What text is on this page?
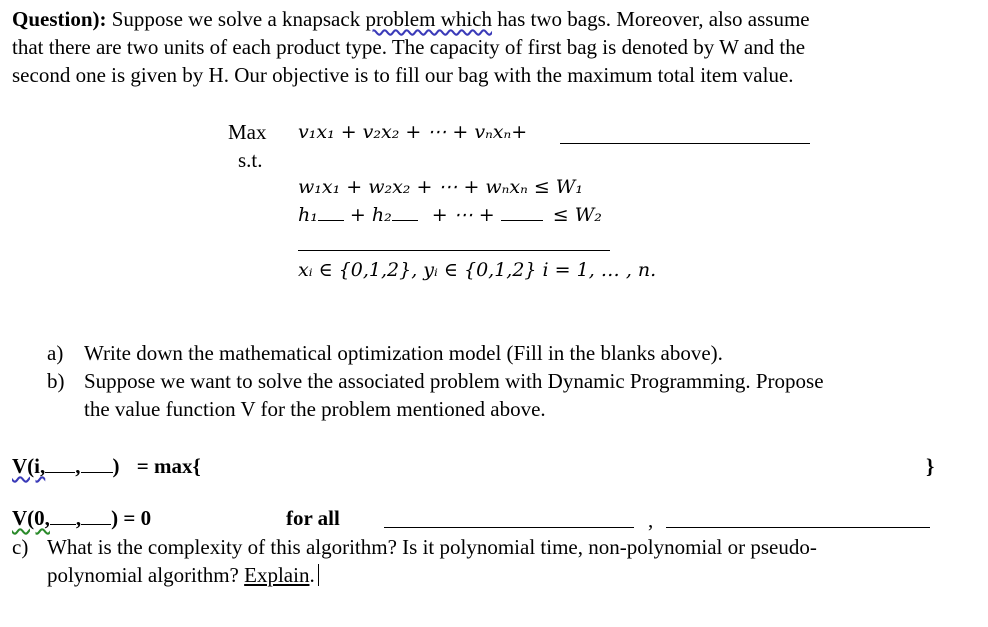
Question): Suppose we solve a knapsack problem which has two bags. Moreover, also assume
that there are two units of each product type. The capacity of first bag is denoted by W and the
second one is given by H. Our objective is to fill our bag with the maximum total item value.
Max
s.t.
v₁x₁ + v₂x₂ + ⋯ + vₙxₙ+
w₁x₁ + w₂x₂ + ⋯ + wₙxₙ ≤ W₁
h₁ + h₂ + ⋯ +	≤ W₂
xᵢ ∈ {0,1,2}, yᵢ ∈ {0,1,2} i = 1, … , n.
a) Write down the mathematical optimization model (Fill in the blanks above).
b) Suppose we want to solve the associated problem with Dynamic Programming. Propose
the value function V for the problem mentioned above.
V(i, , ) = max{	}
V(0, , ) = 0	for all	,
c) What is the complexity of this algorithm? Is it polynomial time, non-polynomial or pseudo-
polynomial algorithm? Explain.
